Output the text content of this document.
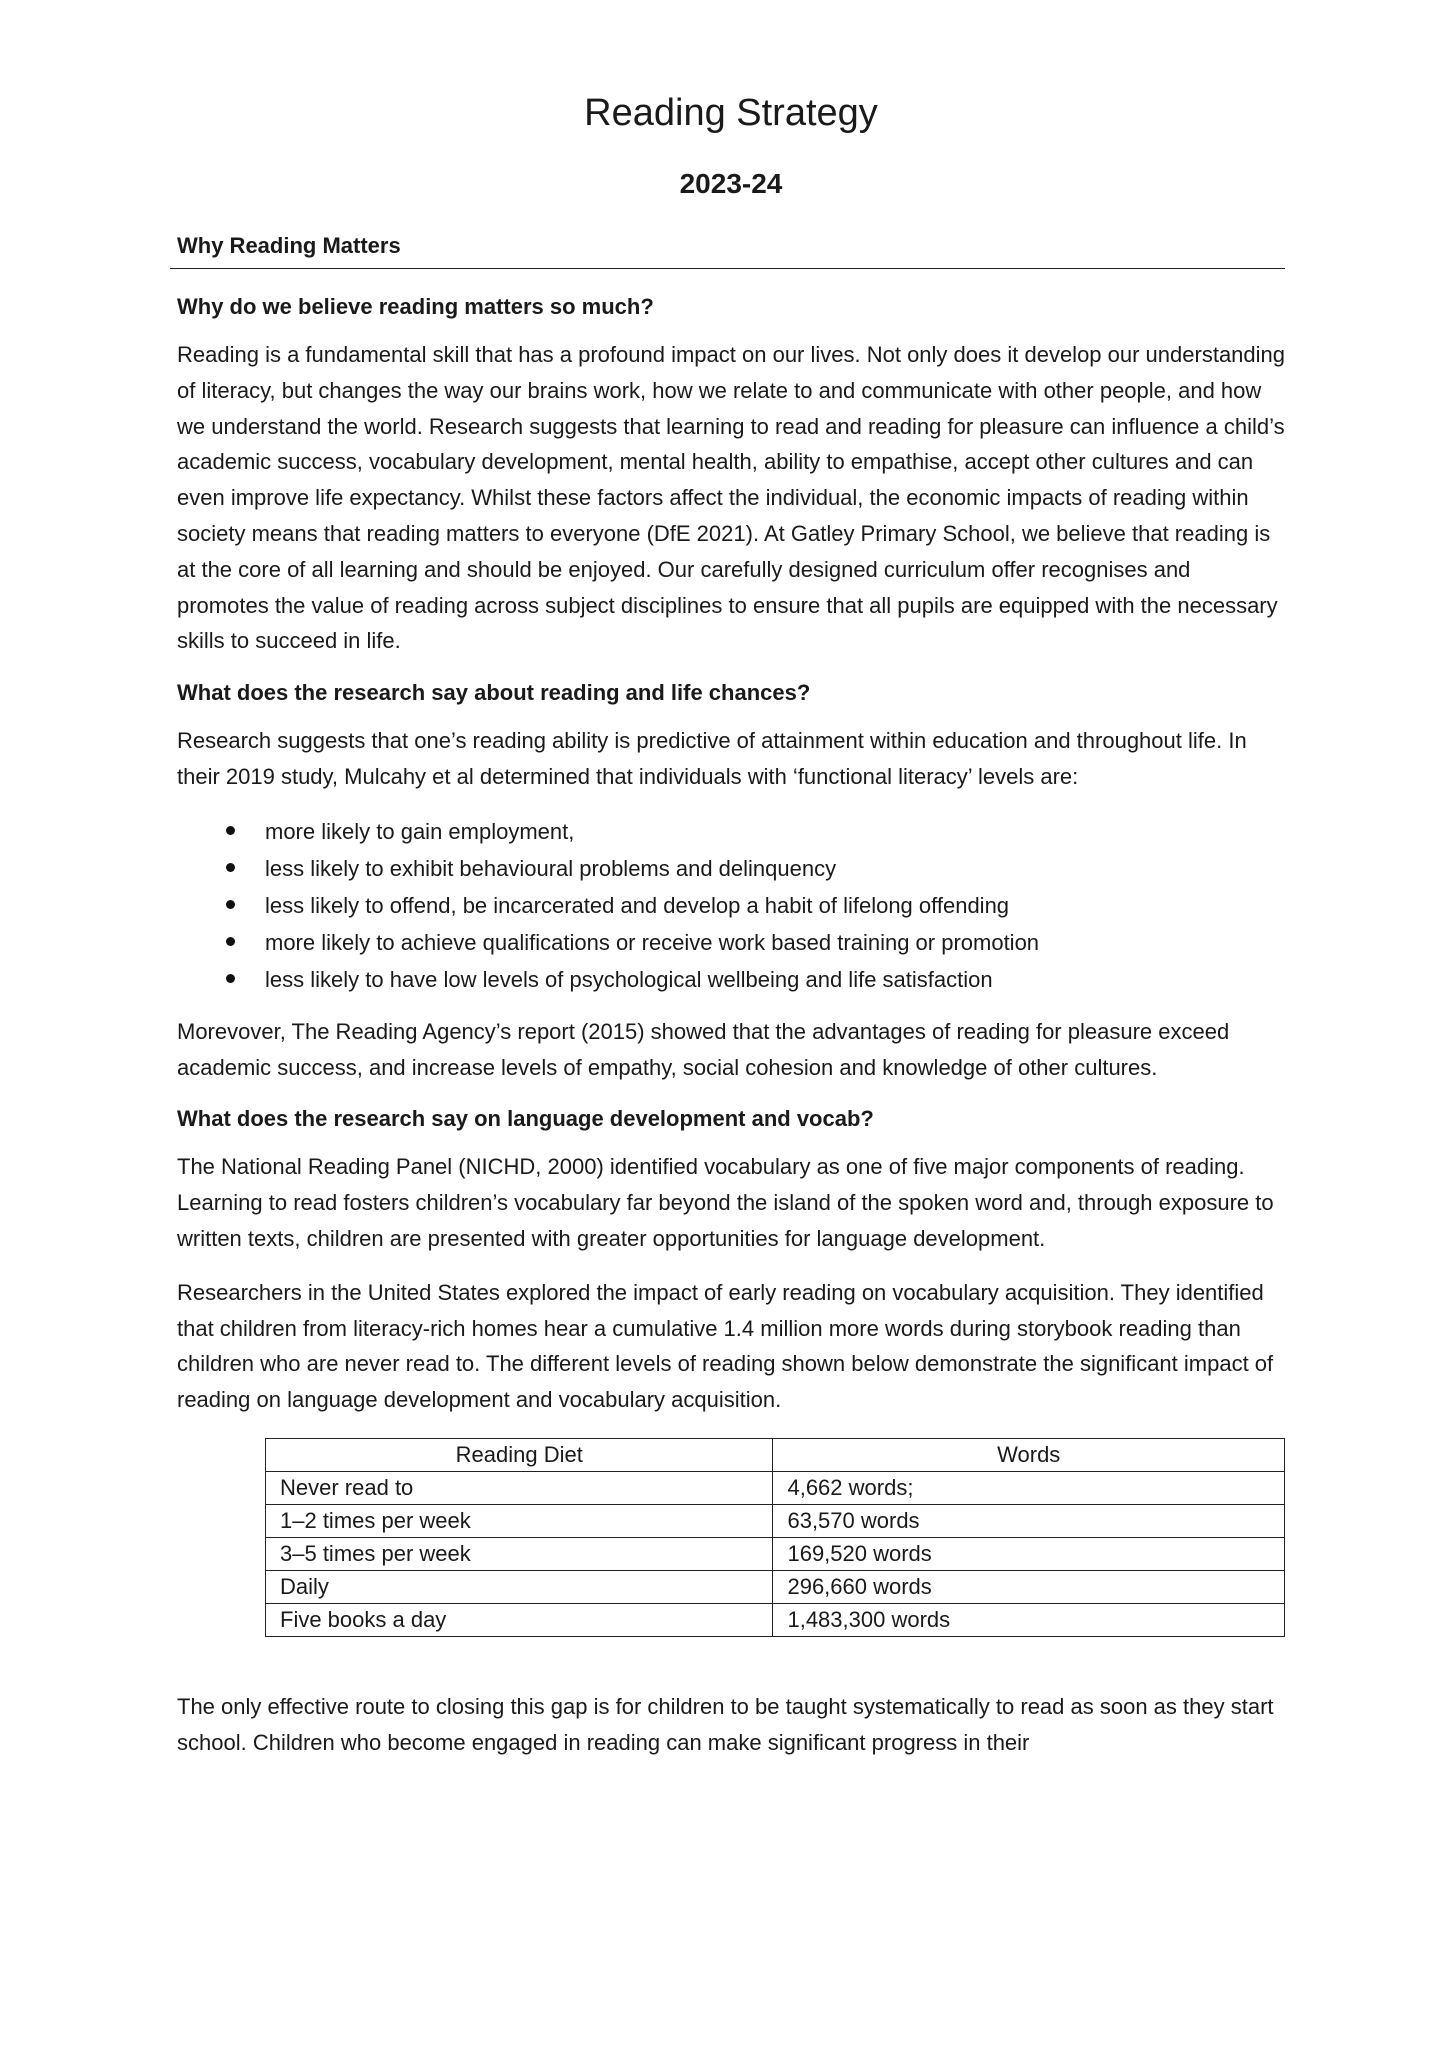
Reading Strategy
2023-24
Why Reading Matters
Why do we believe reading matters so much?

Reading is a fundamental skill that has a profound impact on our lives. Not only does it develop our understanding of literacy, but changes the way our brains work, how we relate to and communicate with other people, and how we understand the world. Research suggests that learning to read and reading for pleasure can influence a child’s academic success, vocabulary development, mental health, ability to empathise, accept other cultures and can even improve life expectancy. Whilst these factors affect the individual, the economic impacts of reading within society means that reading matters to everyone (DfE 2021). At Gatley Primary School, we believe that reading is at the core of all learning and should be enjoyed. Our carefully designed curriculum offer recognises and promotes the value of reading across subject disciplines to ensure that all pupils are equipped with the necessary skills to succeed in life.

What does the research say about reading and life chances?

Research suggests that one’s reading ability is predictive of attainment within education and throughout life. In their 2019 study, Mulcahy et al determined that individuals with ‘functional literacy’ levels are:

more likely to gain employment,
less likely to exhibit behavioural problems and delinquency
less likely to offend, be incarcerated and develop a habit of lifelong offending
more likely to achieve qualifications or receive work based training or promotion
less likely to have low levels of psychological wellbeing and life satisfaction

Morevover, The Reading Agency’s report (2015) showed that the advantages of reading for pleasure exceed academic success, and increase levels of empathy, social cohesion and knowledge of other cultures.

What does the research say on language development and vocab?

The National Reading Panel (NICHD, 2000) identified vocabulary as one of five major components of reading. Learning to read fosters children’s vocabulary far beyond the island of the spoken word and, through exposure to written texts, children are presented with greater opportunities for language development.

Researchers in the United States explored the impact of early reading on vocabulary acquisition. They identified that children from literacy-rich homes hear a cumulative 1.4 million more words during storybook reading than children who are never read to. The different levels of reading shown below demonstrate the significant impact of reading on language development and vocabulary acquisition.

Reading Diet	Words
Never read to	4,662 words;
1–2 times per week	63,570 words
3–5 times per week	169,520 words
Daily	296,660 words
Five books a day	1,483,300 words

The only effective route to closing this gap is for children to be taught systematically to read as soon as they start school. Children who become engaged in reading can make significant progress in their
